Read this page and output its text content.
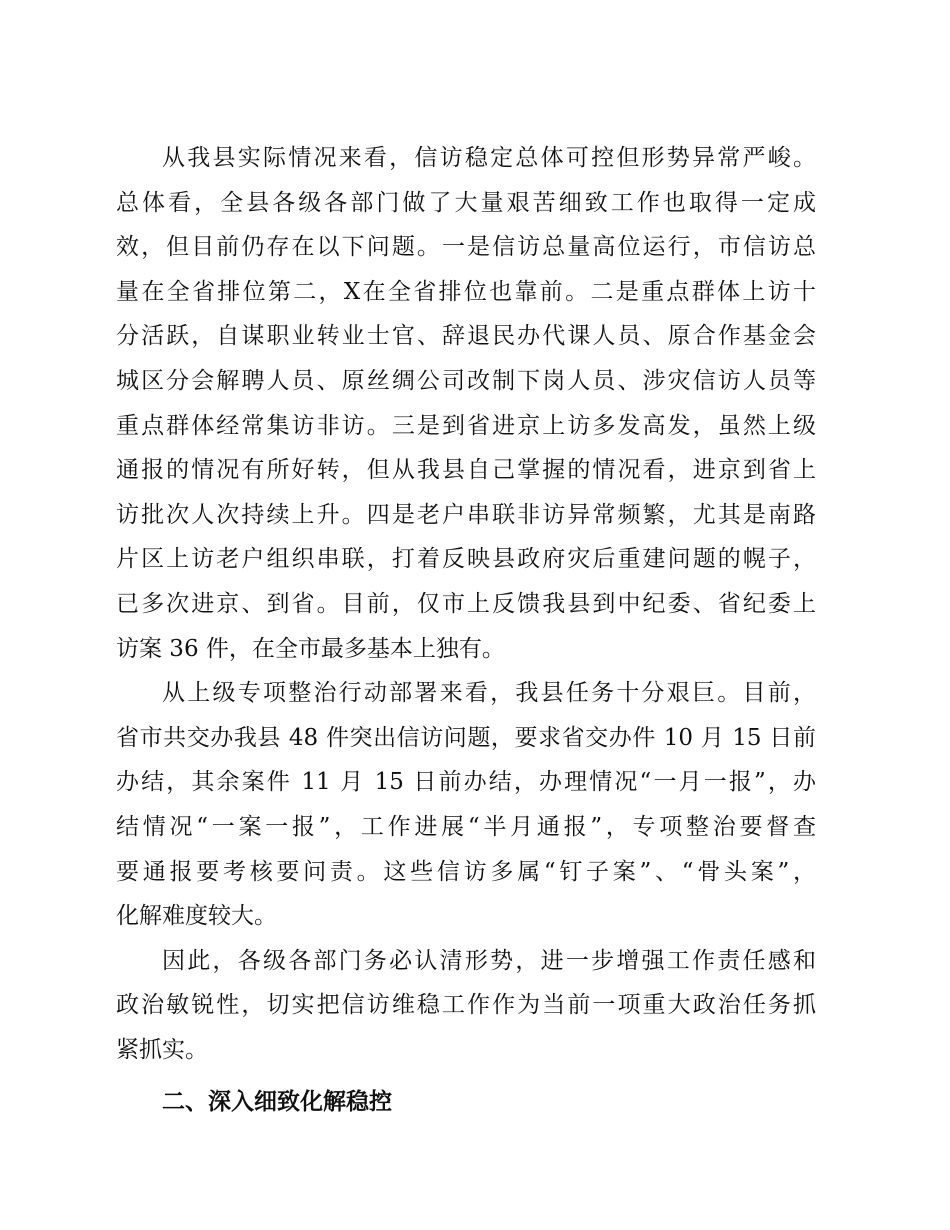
从我县实际情况来看，信访稳定总体可控但形势异常严峻。
总体看，全县各级各部门做了大量艰苦细致工作也取得一定成
效，但目前仍存在以下问题。一是信访总量高位运行，市信访总
量在全省排位第二，X在全省排位也靠前。二是重点群体上访十
分活跃，自谋职业转业士官、辞退民办代课人员、原合作基金会
城区分会解聘人员、原丝绸公司改制下岗人员、涉灾信访人员等
重点群体经常集访非访。三是到省进京上访多发高发，虽然上级
通报的情况有所好转，但从我县自己掌握的情况看，进京到省上
访批次人次持续上升。四是老户串联非访异常频繁，尤其是南路
片区上访老户组织串联，打着反映县政府灾后重建问题的幌子，
已多次进京、到省。目前，仅市上反馈我县到中纪委、省纪委上
访案 36 件，在全市最多基本上独有。
从上级专项整治行动部署来看，我县任务十分艰巨。目前，
省市共交办我县 48 件突出信访问题，要求省交办件 10 月 15 日前
办结，其余案件 11 月 15 日前办结，办理情况“一月一报”，办
结情况“一案一报”，工作进展“半月通报”，专项整治要督查
要通报要考核要问责。这些信访多属“钉子案”、“骨头案”，
化解难度较大。
因此，各级各部门务必认清形势，进一步增强工作责任感和
政治敏锐性，切实把信访维稳工作作为当前一项重大政治任务抓
紧抓实。
二、深入细致化解稳控
